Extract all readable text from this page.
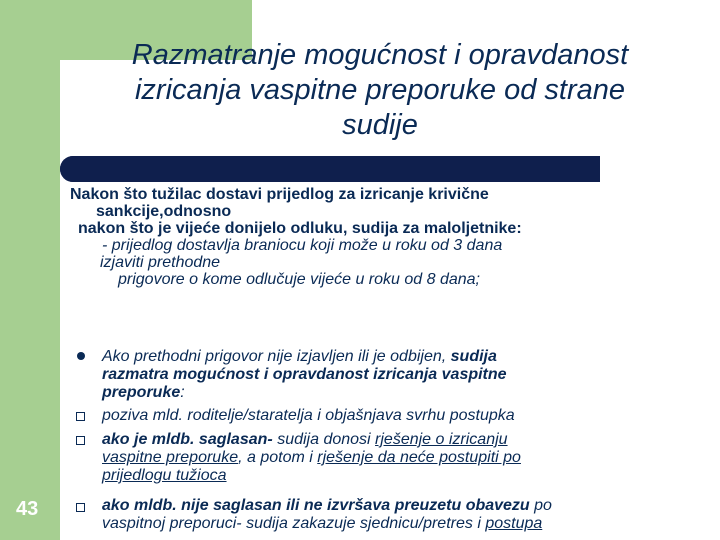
Razmatranje mogućnost i opravdanost
izricanja vaspitne preporuke od strane
sudije
Nakon što tužilac dostavi prijedlog za izricanje krivične
sankcije,odnosno
nakon što je vijeće donijelo odluku, sudija za maloljetnike:
- prijedlog dostavlja braniocu koji može u roku od 3 dana
izjaviti prethodne
prigovore o kome odlučuje vijeće u roku od 8 dana;
Ako prethodni prigovor nije izjavljen ili je odbijen, sudija
razmatra mogućnost i opravdanost izricanja vaspitne
preporuke:
poziva mld. roditelje/staratelja i objašnjava svrhu postupka
ako je mldb. saglasan- sudija donosi rješenje o izricanju
vaspitne preporuke, a potom i rješenje da neće postupiti po
prijedlogu tužioca
ako mldb. nije saglasan ili ne izvršava preuzetu obavezu po
vaspitnoj preporuci- sudija zakazuje sjednicu/pretres i postupa
43
